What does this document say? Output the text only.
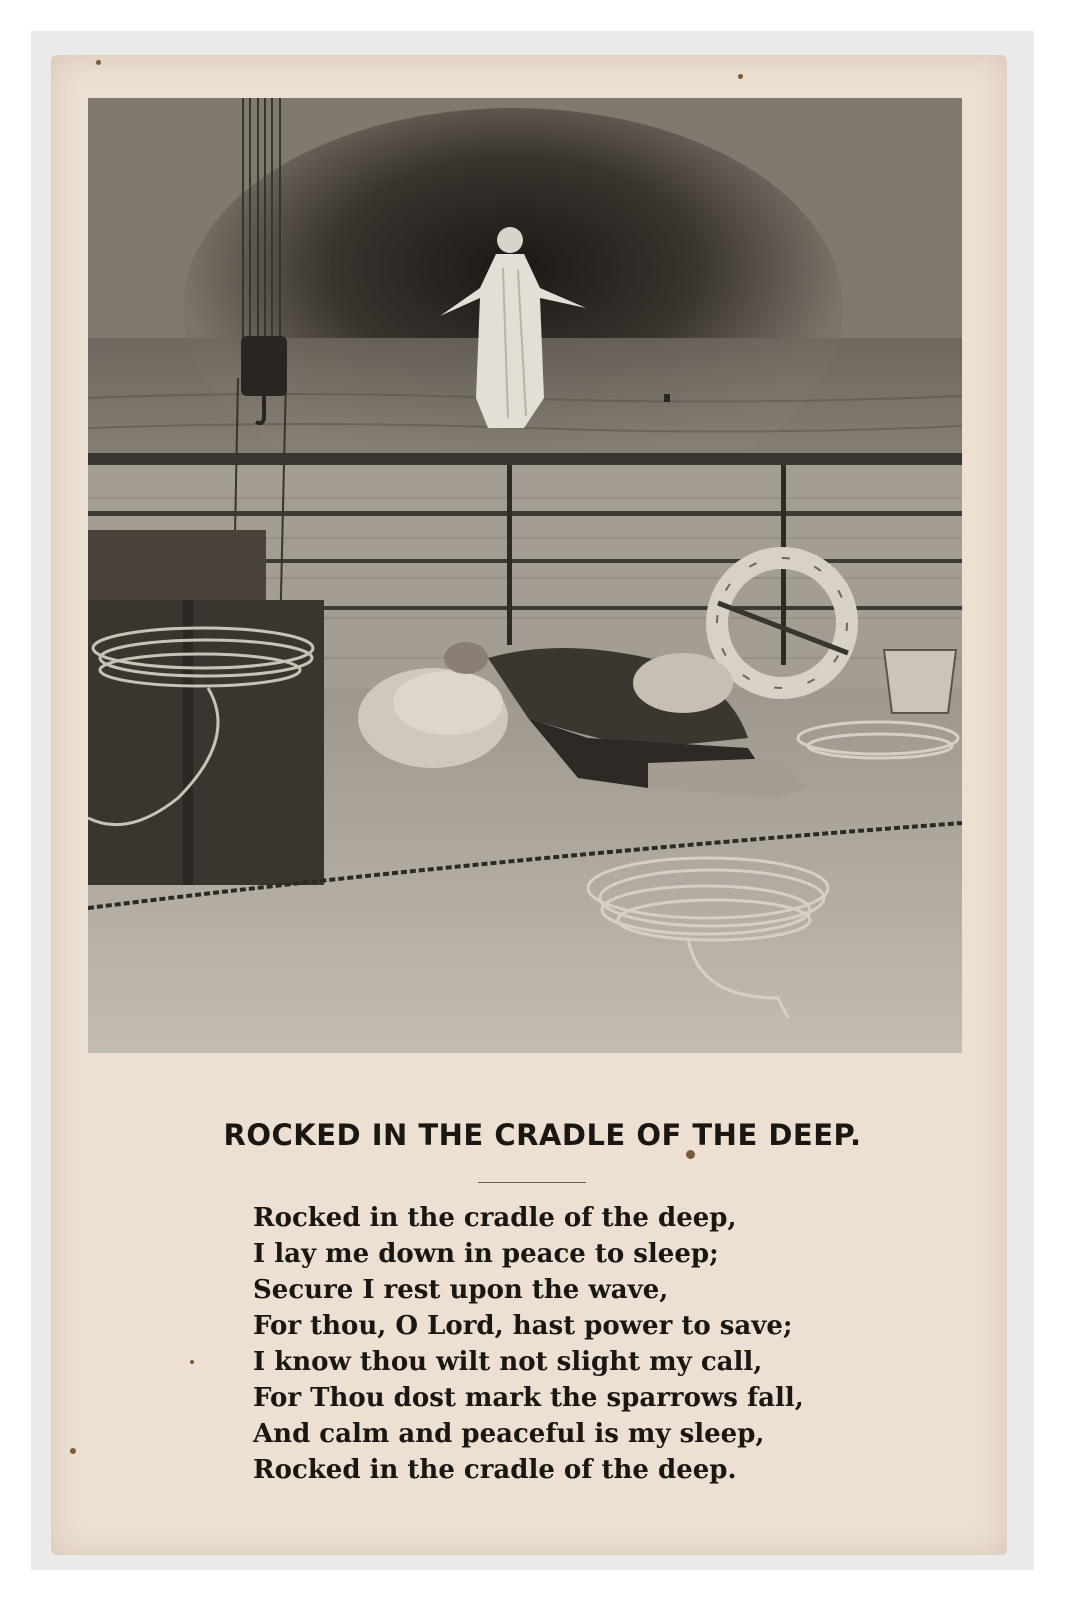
ROCKED IN THE CRADLE OF THE DEEP.
Rocked in the cradle of the deep,
I lay me down in peace to sleep;
Secure I rest upon the wave,
For thou, O Lord, hast power to save;
I know thou wilt not slight my call,
For Thou dost mark the sparrows fall,
And calm and peaceful is my sleep,
Rocked in the cradle of the deep.
